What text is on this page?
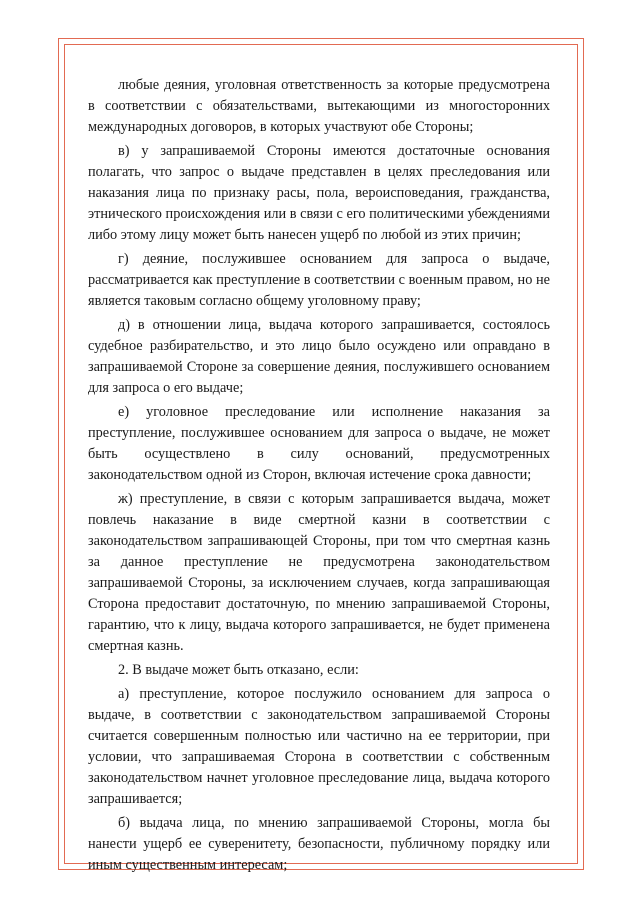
любые деяния, уголовная ответственность за которые предусмотрена в соответствии с обязательствами, вытекающими из многосторонних международных договоров, в которых участвуют обе Стороны;

в) у запрашиваемой Стороны имеются достаточные основания полагать, что запрос о выдаче представлен в целях преследования или наказания лица по признаку расы, пола, вероисповедания, гражданства, этнического происхождения или в связи с его политическими убеждениями либо этому лицу может быть нанесен ущерб по любой из этих причин;

г) деяние, послужившее основанием для запроса о выдаче, рассматривается как преступление в соответствии с военным правом, но не является таковым согласно общему уголовному праву;

д) в отношении лица, выдача которого запрашивается, состоялось судебное разбирательство, и это лицо было осуждено или оправдано в запрашиваемой Стороне за совершение деяния, послужившего основанием для запроса о его выдаче;

е) уголовное преследование или исполнение наказания за преступление, послужившее основанием для запроса о выдаче, не может быть осуществлено в силу оснований, предусмотренных законодательством одной из Сторон, включая истечение срока давности;

ж) преступление, в связи с которым запрашивается выдача, может повлечь наказание в виде смертной казни в соответствии с законодательством запрашивающей Стороны, при том что смертная казнь за данное преступление не предусмотрена законодательством запрашиваемой Стороны, за исключением случаев, когда запрашивающая Сторона предоставит достаточную, по мнению запрашиваемой Стороны, гарантию, что к лицу, выдача которого запрашивается, не будет применена смертная казнь.

2. В выдаче может быть отказано, если:

а) преступление, которое послужило основанием для запроса о выдаче, в соответствии с законодательством запрашиваемой Стороны считается совершенным полностью или частично на ее территории, при условии, что запрашиваемая Сторона в соответствии с собственным законодательством начнет уголовное преследование лица, выдача которого запрашивается;

б) выдача лица, по мнению запрашиваемой Стороны, могла бы нанести ущерб ее суверенитету, безопасности, публичному порядку или иным существенным интересам;
